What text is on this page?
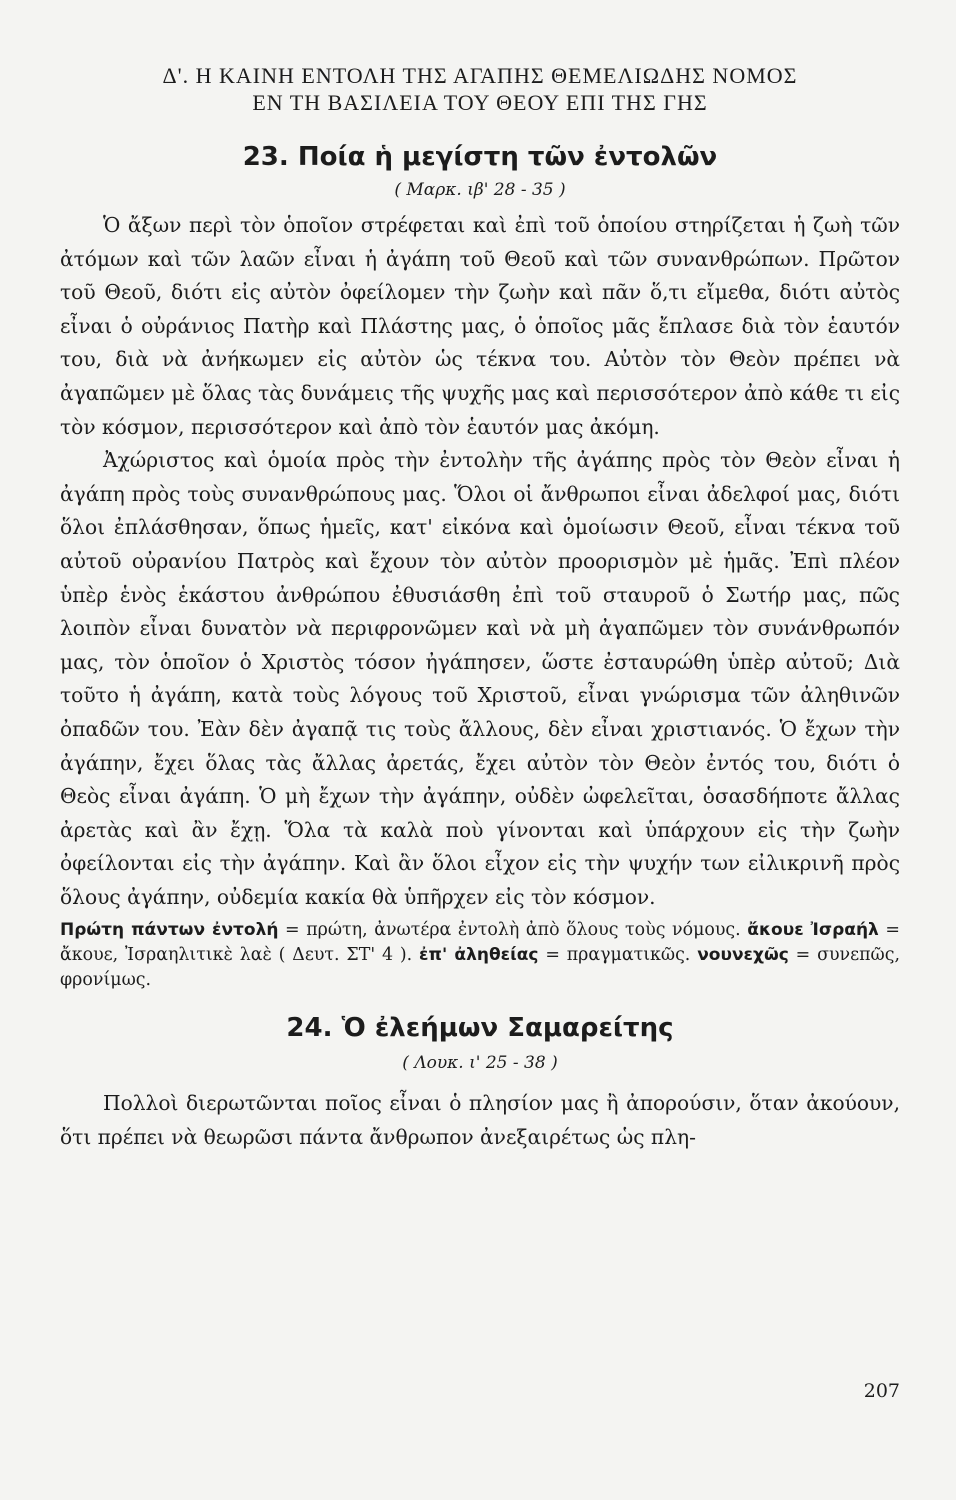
Δ'. Η ΚΑΙΝΗ ΕΝΤΟΛΗ ΤΗΣ ΑΓΑΠΗΣ ΘΕΜΕΛΙΩΔΗΣ ΝΟΜΟΣ

ΕΝ ΤΗ ΒΑΣΙΛΕΙΑ ΤΟΥ ΘΕΟΥ ΕΠΙ ΤΗΣ ΓΗΣ

23. Ποία ἡ μεγίστη τῶν ἐντολῶν

( Μαρκ. ιβ' 28 - 35 )

Ὁ ἄξων περὶ τὸν ὁποῖον στρέφεται καὶ ἐπὶ τοῦ ὁποίου στηρίζεται ἡ ζωὴ τῶν ἀτόμων καὶ τῶν λαῶν εἶναι ἡ ἀγάπη τοῦ Θεοῦ καὶ τῶν συνανθρώπων. Πρῶτον τοῦ Θεοῦ, διότι εἰς αὐτὸν ὀφείλομεν τὴν ζωὴν καὶ πᾶν ὅ,τι εἴμεθα, διότι αὐτὸς εἶναι ὁ οὐράνιος Πατὴρ καὶ Πλάστης μας, ὁ ὁποῖος μᾶς ἔπλασε διὰ τὸν ἑαυτόν του, διὰ νὰ ἀνήκωμεν εἰς αὐτὸν ὡς τέκνα του. Αὐτὸν τὸν Θεὸν πρέπει νὰ ἀγαπῶμεν μὲ ὅλας τὰς δυνάμεις τῆς ψυχῆς μας καὶ περισσότερον ἀπὸ κάθε τι εἰς τὸν κόσμον, περισσότερον καὶ ἀπὸ τὸν ἑαυτόν μας ἀκόμη.

Ἀχώριστος καὶ ὁμοία πρὸς τὴν ἐντολὴν τῆς ἀγάπης πρὸς τὸν Θεὸν εἶναι ἡ ἀγάπη πρὸς τοὺς συνανθρώπους μας. Ὅλοι οἱ ἄνθρωποι εἶναι ἀδελφοί μας, διότι ὅλοι ἐπλάσθησαν, ὅπως ἡμεῖς, κατ' εἰκόνα καὶ ὁμοίωσιν Θεοῦ, εἶναι τέκνα τοῦ αὐτοῦ οὐρανίου Πατρὸς καὶ ἔχουν τὸν αὐτὸν προορισμὸν μὲ ἡμᾶς. Ἐπὶ πλέον ὑπὲρ ἑνὸς ἑκάστου ἀνθρώπου ἐθυσιάσθη ἐπὶ τοῦ σταυροῦ ὁ Σωτήρ μας, πῶς λοιπὸν εἶναι δυνατὸν νὰ περιφρονῶμεν καὶ νὰ μὴ ἀγαπῶμεν τὸν συνάνθρωπόν μας, τὸν ὁποῖον ὁ Χριστὸς τόσον ἠγάπησεν, ὥστε ἐσταυρώθη ὑπὲρ αὐτοῦ; Διὰ τοῦτο ἡ ἀγάπη, κατὰ τοὺς λόγους τοῦ Χριστοῦ, εἶναι γνώρισμα τῶν ἀληθινῶν ὀπαδῶν του. Ἐὰν δὲν ἀγαπᾷ τις τοὺς ἄλλους, δὲν εἶναι χριστιανός. Ὁ ἔχων τὴν ἀγάπην, ἔχει ὅλας τὰς ἄλλας ἀρετάς, ἔχει αὐτὸν τὸν Θεὸν ἐντός του, διότι ὁ Θεὸς εἶναι ἀγάπη. Ὁ μὴ ἔχων τὴν ἀγάπην, οὐδὲν ὠφελεῖται, ὁσασδήποτε ἄλλας ἀρετὰς καὶ ἂν ἔχῃ. Ὅλα τὰ καλὰ ποὺ γίνονται καὶ ὑπάρχουν εἰς τὴν ζωὴν ὀφείλονται εἰς τὴν ἀγάπην. Καὶ ἂν ὅλοι εἶχον εἰς τὴν ψυχήν των εἰλικρινῆ πρὸς ὅλους ἀγάπην, οὐδεμία κακία θὰ ὑπῆρχεν εἰς τὸν κόσμον.

Πρώτη πάντων ἐντολή = πρώτη, ἀνωτέρα ἐντολὴ ἀπὸ ὅλους τοὺς νόμους. ἄκουε Ἰσραήλ = ἄκουε, Ἰσραηλιτικὲ λαὲ ( Δευτ. ΣΤ' 4 ). ἐπ' ἀληθείας = πραγματικῶς. νουνεχῶς = συνεπῶς, φρονίμως.

24. Ὁ ἐλεήμων Σαμαρείτης

( Λουκ. ι' 25 - 38 )

Πολλοὶ διερωτῶνται ποῖος εἶναι ὁ πλησίον μας ἢ ἀπορούσιν, ὅταν ἀκούουν, ὅτι πρέπει νὰ θεωρῶσι πάντα ἄνθρωπον ἀνεξαιρέτως ὡς πλη-

207
